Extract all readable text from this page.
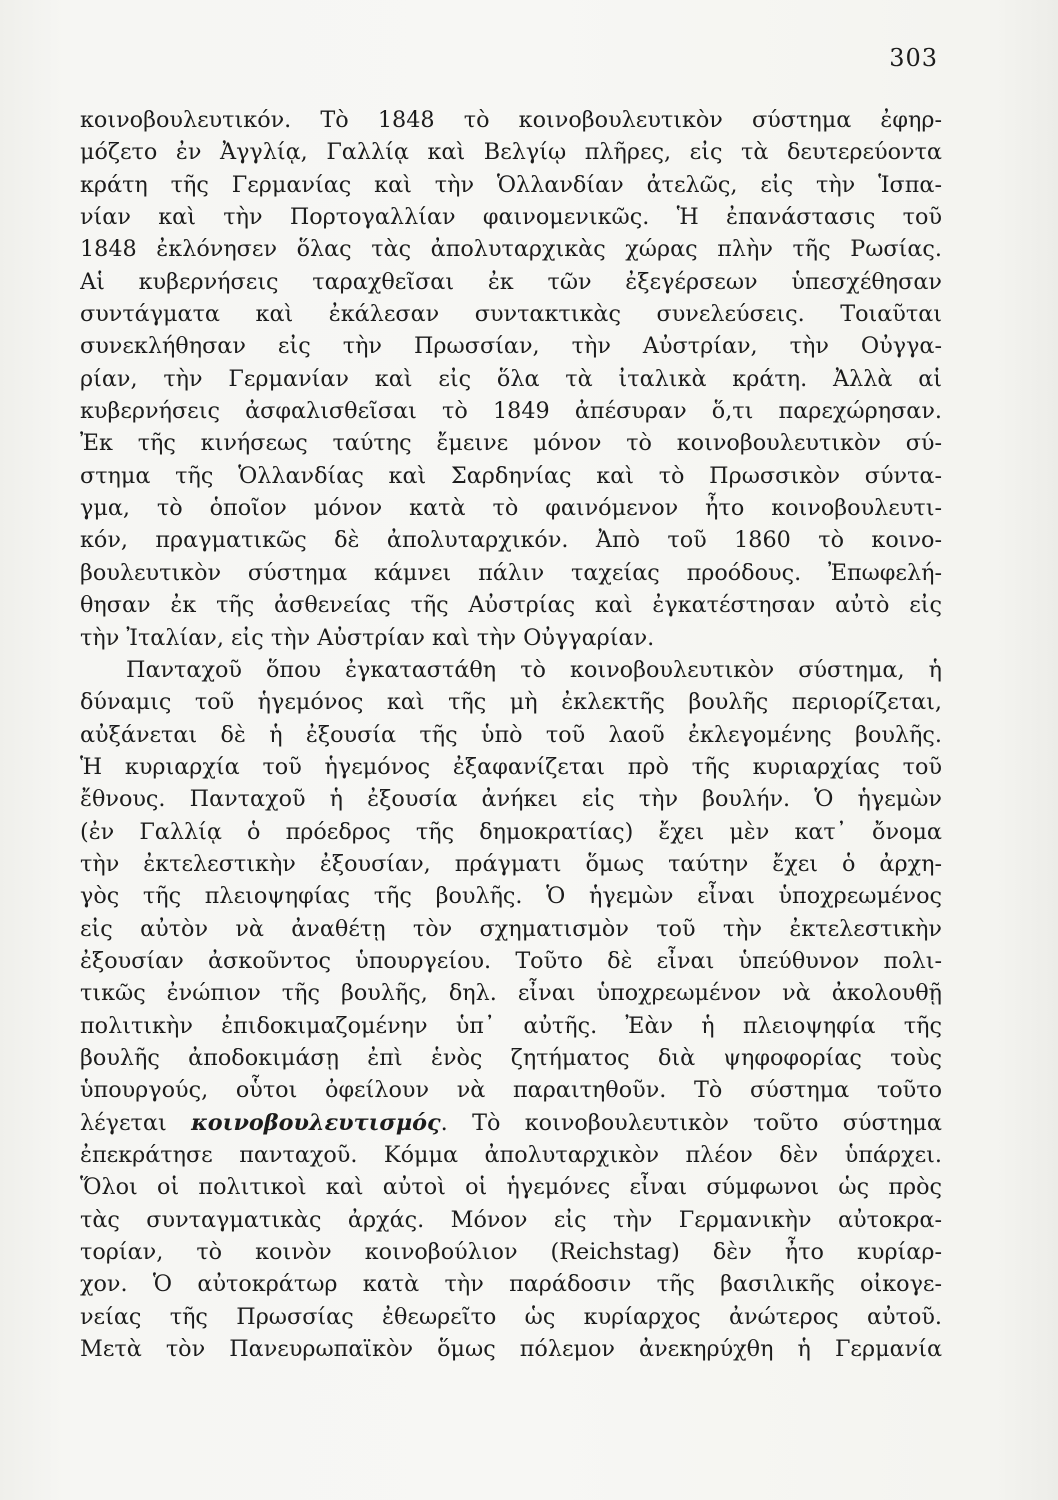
303
κοινοβουλευτικόν. Τὸ 1848 τὸ κοινοβουλευτικὸν σύστημα ἐφηρ-
μόζετο ἐν Ἀγγλίᾳ, Γαλλίᾳ καὶ Βελγίῳ πλῆρες, εἰς τὰ δευτερεύοντα
κράτη τῆς Γερμανίας καὶ τὴν Ὁλλανδίαν ἀτελῶς, εἰς τὴν Ἱσπα-
νίαν καὶ τὴν Πορτογαλλίαν φαινομενικῶς. Ἡ ἐπανάστασις τοῦ
1848 ἐκλόνησεν ὅλας τὰς ἀπολυταρχικὰς χώρας πλὴν τῆς Ρωσίας.
Αἱ κυβερνήσεις ταραχθεῖσαι ἐκ τῶν ἐξεγέρσεων ὑπεσχέθησαν
συντάγματα καὶ ἐκάλεσαν συντακτικὰς συνελεύσεις. Τοιαῦται
συνεκλήθησαν εἰς τὴν Πρωσσίαν, τὴν Αὐστρίαν, τὴν Οὐγγα-
ρίαν, τὴν Γερμανίαν καὶ εἰς ὅλα τὰ ἰταλικὰ κράτη. Ἀλλὰ αἱ
κυβερνήσεις ἀσφαλισθεῖσαι τὸ 1849 ἀπέσυραν ὅ,τι παρεχώρησαν.
Ἐκ τῆς κινήσεως ταύτης ἔμεινε μόνον τὸ κοινοβουλευτικὸν σύ-
στημα τῆς Ὁλλανδίας καὶ Σαρδηνίας καὶ τὸ Πρωσσικὸν σύντα-
γμα, τὸ ὁποῖον μόνον κατὰ τὸ φαινόμενον ἦτο κοινοβουλευτι-
κόν, πραγματικῶς δὲ ἀπολυταρχικόν. Ἀπὸ τοῦ 1860 τὸ κοινο-
βουλευτικὸν σύστημα κάμνει πάλιν ταχείας προόδους. Ἐπωφελή-
θησαν ἐκ τῆς ἀσθενείας τῆς Αὐστρίας καὶ ἐγκατέστησαν αὐτὸ εἰς
τὴν Ἰταλίαν, εἰς τὴν Αὐστρίαν καὶ τὴν Οὐγγαρίαν.
Πανταχοῦ ὅπου ἐγκαταστάθη τὸ κοινοβουλευτικὸν σύστημα, ἡ
δύναμις τοῦ ἡγεμόνος καὶ τῆς μὴ ἐκλεκτῆς βουλῆς περιορίζεται,
αὐξάνεται δὲ ἡ ἐξουσία τῆς ὑπὸ τοῦ λαοῦ ἐκλεγομένης βουλῆς.
Ἡ κυριαρχία τοῦ ἡγεμόνος ἐξαφανίζεται πρὸ τῆς κυριαρχίας τοῦ
ἔθνους. Πανταχοῦ ἡ ἐξουσία ἀνήκει εἰς τὴν βουλήν. Ὁ ἡγεμὼν
(ἐν Γαλλίᾳ ὁ πρόεδρος τῆς δημοκρατίας) ἔχει μὲν κατ᾿ ὄνομα
τὴν ἐκτελεστικὴν ἐξουσίαν, πράγματι ὅμως ταύτην ἔχει ὁ ἀρχη-
γὸς τῆς πλειοψηφίας τῆς βουλῆς. Ὁ ἡγεμὼν εἶναι ὑποχρεωμένος
εἰς αὐτὸν νὰ ἀναθέτῃ τὸν σχηματισμὸν τοῦ τὴν ἐκτελεστικὴν
ἐξουσίαν ἀσκοῦντος ὑπουργείου. Τοῦτο δὲ εἶναι ὑπεύθυνον πολι-
τικῶς ἐνώπιον τῆς βουλῆς, δηλ. εἶναι ὑποχρεωμένον νὰ ἀκολουθῇ
πολιτικὴν ἐπιδοκιμαζομένην ὑπ᾿ αὐτῆς. Ἐὰν ἡ πλειοψηφία τῆς
βουλῆς ἀποδοκιμάσῃ ἐπὶ ἑνὸς ζητήματος διὰ ψηφοφορίας τοὺς
ὑπουργούς, οὗτοι ὀφείλουν νὰ παραιτηθοῦν. Τὸ σύστημα τοῦτο
λέγεται κοινοβουλευτισμός. Τὸ κοινοβουλευτικὸν τοῦτο σύστημα
ἐπεκράτησε πανταχοῦ. Κόμμα ἀπολυταρχικὸν πλέον δὲν ὑπάρχει.
Ὅλοι οἱ πολιτικοὶ καὶ αὐτοὶ οἱ ἡγεμόνες εἶναι σύμφωνοι ὡς πρὸς
τὰς συνταγματικὰς ἀρχάς. Μόνον εἰς τὴν Γερμανικὴν αὐτοκρα-
τορίαν, τὸ κοινὸν κοινοβούλιον (Reichstag) δὲν ἦτο κυρίαρ-
χον. Ὁ αὐτοκράτωρ κατὰ τὴν παράδοσιν τῆς βασιλικῆς οἰκογε-
νείας τῆς Πρωσσίας ἐθεωρεῖτο ὡς κυρίαρχος ἀνώτερος αὐτοῦ.
Μετὰ τὸν Πανευρωπαϊκὸν ὅμως πόλεμον ἀνεκηρύχθη ἡ Γερμανία
